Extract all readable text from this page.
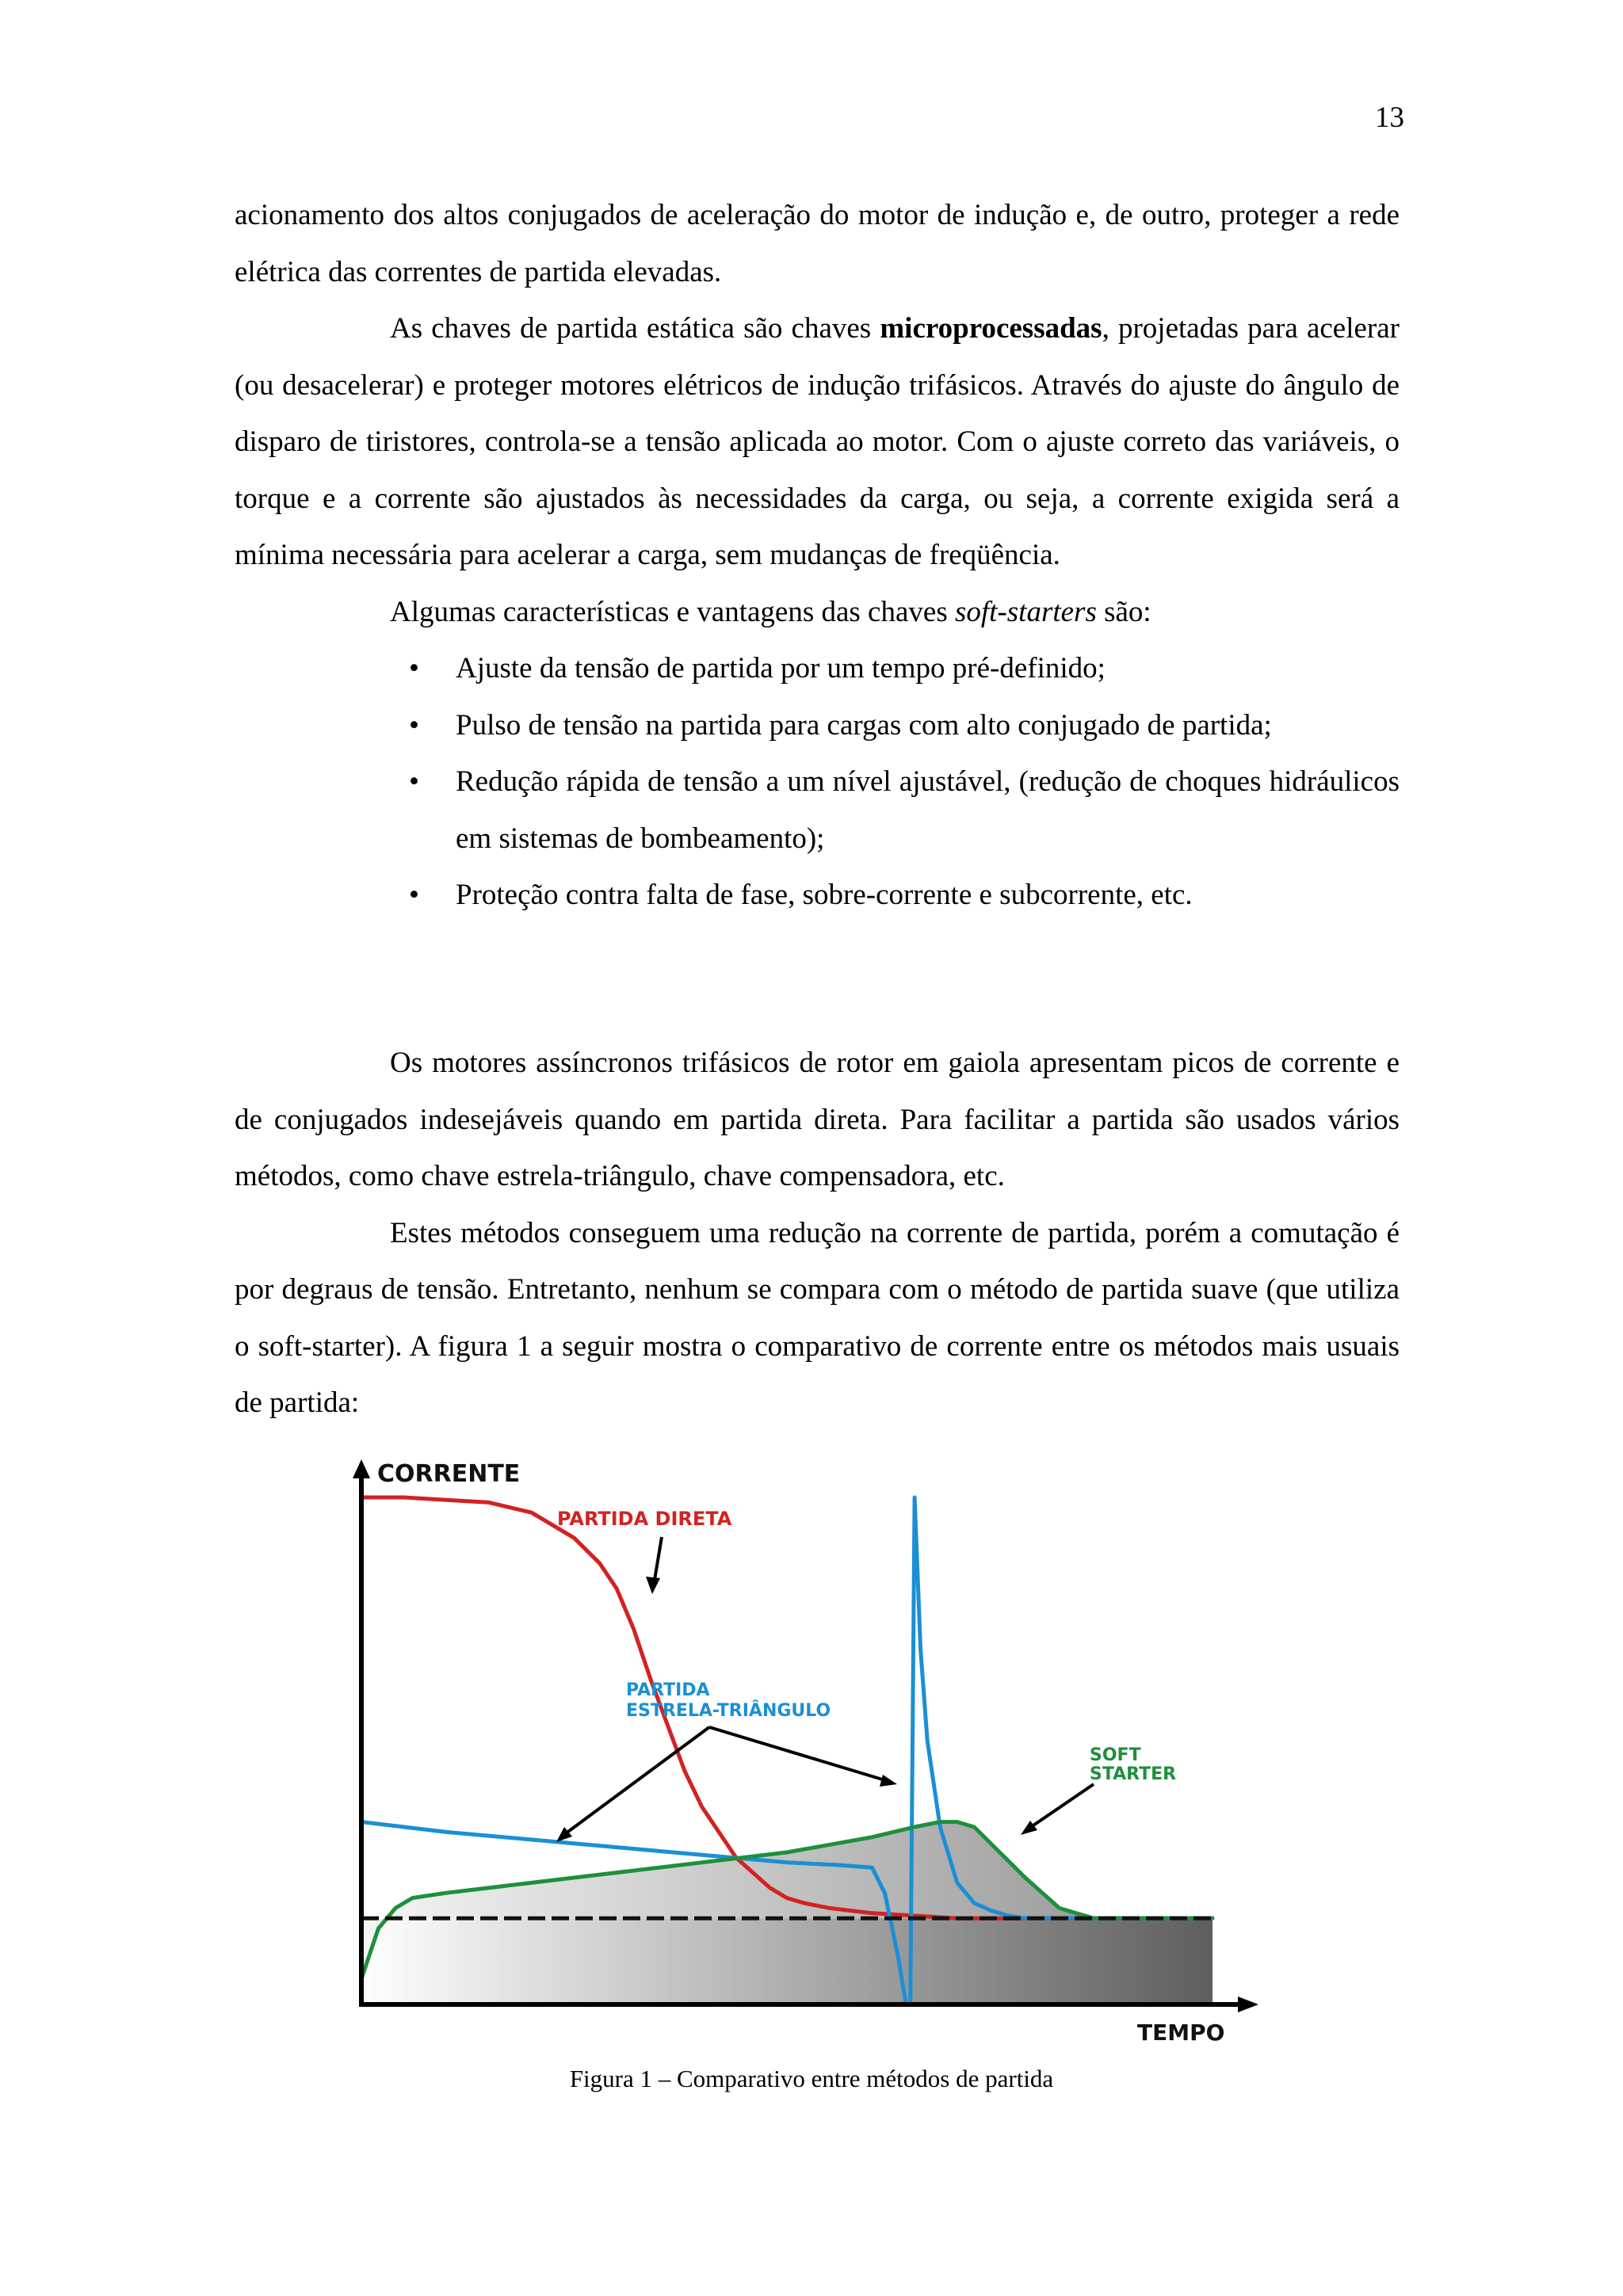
13

acionamento dos altos conjugados de aceleração do motor de indução e, de outro, proteger a rede elétrica das correntes de partida elevadas.

As chaves de partida estática são chaves microprocessadas, projetadas para acelerar (ou desacelerar) e proteger motores elétricos de indução trifásicos. Através do ajuste do ângulo de disparo de tiristores, controla-se a tensão aplicada ao motor. Com o ajuste correto das variáveis, o torque e a corrente são ajustados às necessidades da carga, ou seja, a corrente exigida será a mínima necessária para acelerar a carga, sem mudanças de freqüência.

Algumas características e vantagens das chaves soft-starters são:

• Ajuste da tensão de partida por um tempo pré-definido;
• Pulso de tensão na partida para cargas com alto conjugado de partida;
• Redução rápida de tensão a um nível ajustável, (redução de choques hidráulicos em sistemas de bombeamento);
• Proteção contra falta de fase, sobre-corrente e subcorrente, etc.

Os motores assíncronos trifásicos de rotor em gaiola apresentam picos de corrente e de conjugados indesejáveis quando em partida direta. Para facilitar a partida são usados vários métodos, como chave estrela-triângulo, chave compensadora, etc.

Estes métodos conseguem uma redução na corrente de partida, porém a comutação é por degraus de tensão. Entretanto, nenhum se compara com o método de partida suave (que utiliza o soft-starter). A figura 1 a seguir mostra o comparativo de corrente entre os métodos mais usuais de partida:

CORRENTE
TEMPO
PARTIDA DIRETA
PARTIDA
ESTRELA-TRIÂNGULO
SOFT
STARTER
Figura 1 – Comparativo entre métodos de partida
